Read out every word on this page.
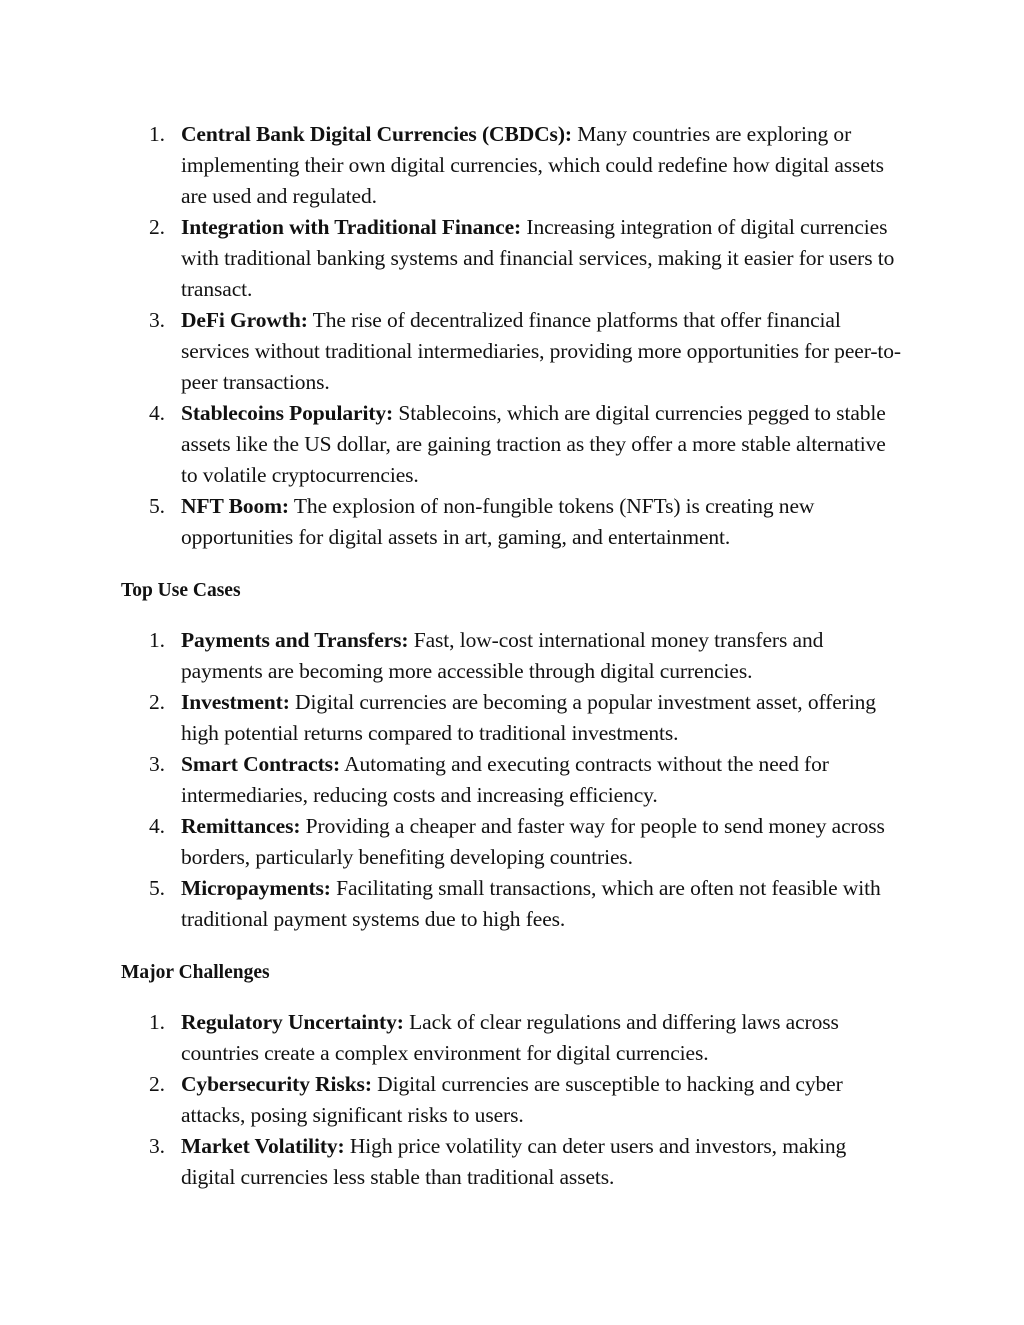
1. Central Bank Digital Currencies (CBDCs): Many countries are exploring or implementing their own digital currencies, which could redefine how digital assets are used and regulated.
2. Integration with Traditional Finance: Increasing integration of digital currencies with traditional banking systems and financial services, making it easier for users to transact.
3. DeFi Growth: The rise of decentralized finance platforms that offer financial services without traditional intermediaries, providing more opportunities for peer-to-peer transactions.
4. Stablecoins Popularity: Stablecoins, which are digital currencies pegged to stable assets like the US dollar, are gaining traction as they offer a more stable alternative to volatile cryptocurrencies.
5. NFT Boom: The explosion of non-fungible tokens (NFTs) is creating new opportunities for digital assets in art, gaming, and entertainment.
Top Use Cases
1. Payments and Transfers: Fast, low-cost international money transfers and payments are becoming more accessible through digital currencies.
2. Investment: Digital currencies are becoming a popular investment asset, offering high potential returns compared to traditional investments.
3. Smart Contracts: Automating and executing contracts without the need for intermediaries, reducing costs and increasing efficiency.
4. Remittances: Providing a cheaper and faster way for people to send money across borders, particularly benefiting developing countries.
5. Micropayments: Facilitating small transactions, which are often not feasible with traditional payment systems due to high fees.
Major Challenges
1. Regulatory Uncertainty: Lack of clear regulations and differing laws across countries create a complex environment for digital currencies.
2. Cybersecurity Risks: Digital currencies are susceptible to hacking and cyber attacks, posing significant risks to users.
3. Market Volatility: High price volatility can deter users and investors, making digital currencies less stable than traditional assets.
